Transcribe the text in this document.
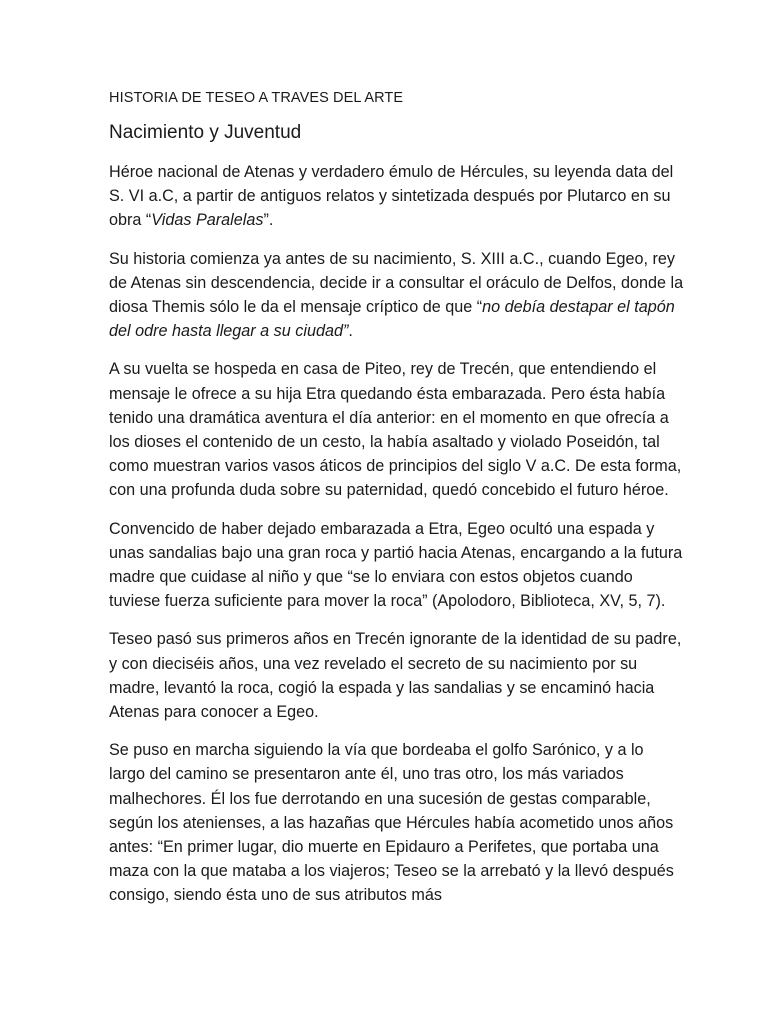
HISTORIA DE TESEO A TRAVES DEL ARTE
Nacimiento y Juventud

Héroe nacional de Atenas y verdadero émulo de Hércules, su leyenda data del S. VI a.C, a partir de antiguos relatos y sintetizada después por Plutarco en su obra “Vidas Paralelas”.

Su historia comienza ya antes de su nacimiento, S. XIII a.C., cuando Egeo, rey de Atenas sin descendencia, decide ir a consultar el oráculo de Delfos, donde la diosa Themis sólo le da el mensaje críptico de que “no debía destapar el tapón del odre hasta llegar a su ciudad”.

A su vuelta se hospeda en casa de Piteo, rey de Trecén, que entendiendo el mensaje le ofrece a su hija Etra quedando ésta embarazada. Pero ésta había tenido una dramática aventura el día anterior: en el momento en que ofrecía a los dioses el contenido de un cesto, la había asaltado y violado Poseidón, tal como muestran varios vasos áticos de principios del siglo V a.C. De esta forma, con una profunda duda sobre su paternidad, quedó concebido el futuro héroe.

Convencido de haber dejado embarazada a Etra, Egeo ocultó una espada y unas sandalias bajo una gran roca y partió hacia Atenas, encargando a la futura madre que cuidase al niño y que “se lo enviara con estos objetos cuando tuviese fuerza suficiente para mover la roca” (Apolodoro, Biblioteca, XV, 5, 7).

Teseo pasó sus primeros años en Trecén ignorante de la identidad de su padre, y con dieciséis años, una vez revelado el secreto de su nacimiento por su madre, levantó la roca, cogió la espada y las sandalias y se encaminó hacia Atenas para conocer a Egeo.

Se puso en marcha siguiendo la vía que bordeaba el golfo Sarónico, y a lo largo del camino se presentaron ante él, uno tras otro, los más variados malhechores. Él los fue derrotando en una sucesión de gestas comparable, según los atenienses, a las hazañas que Hércules había acometido unos años antes: “En primer lugar, dio muerte en Epidauro a Perifetes, que portaba una maza con la que mataba a los viajeros; Teseo se la arrebató y la llevó después consigo, siendo ésta uno de sus atributos más
